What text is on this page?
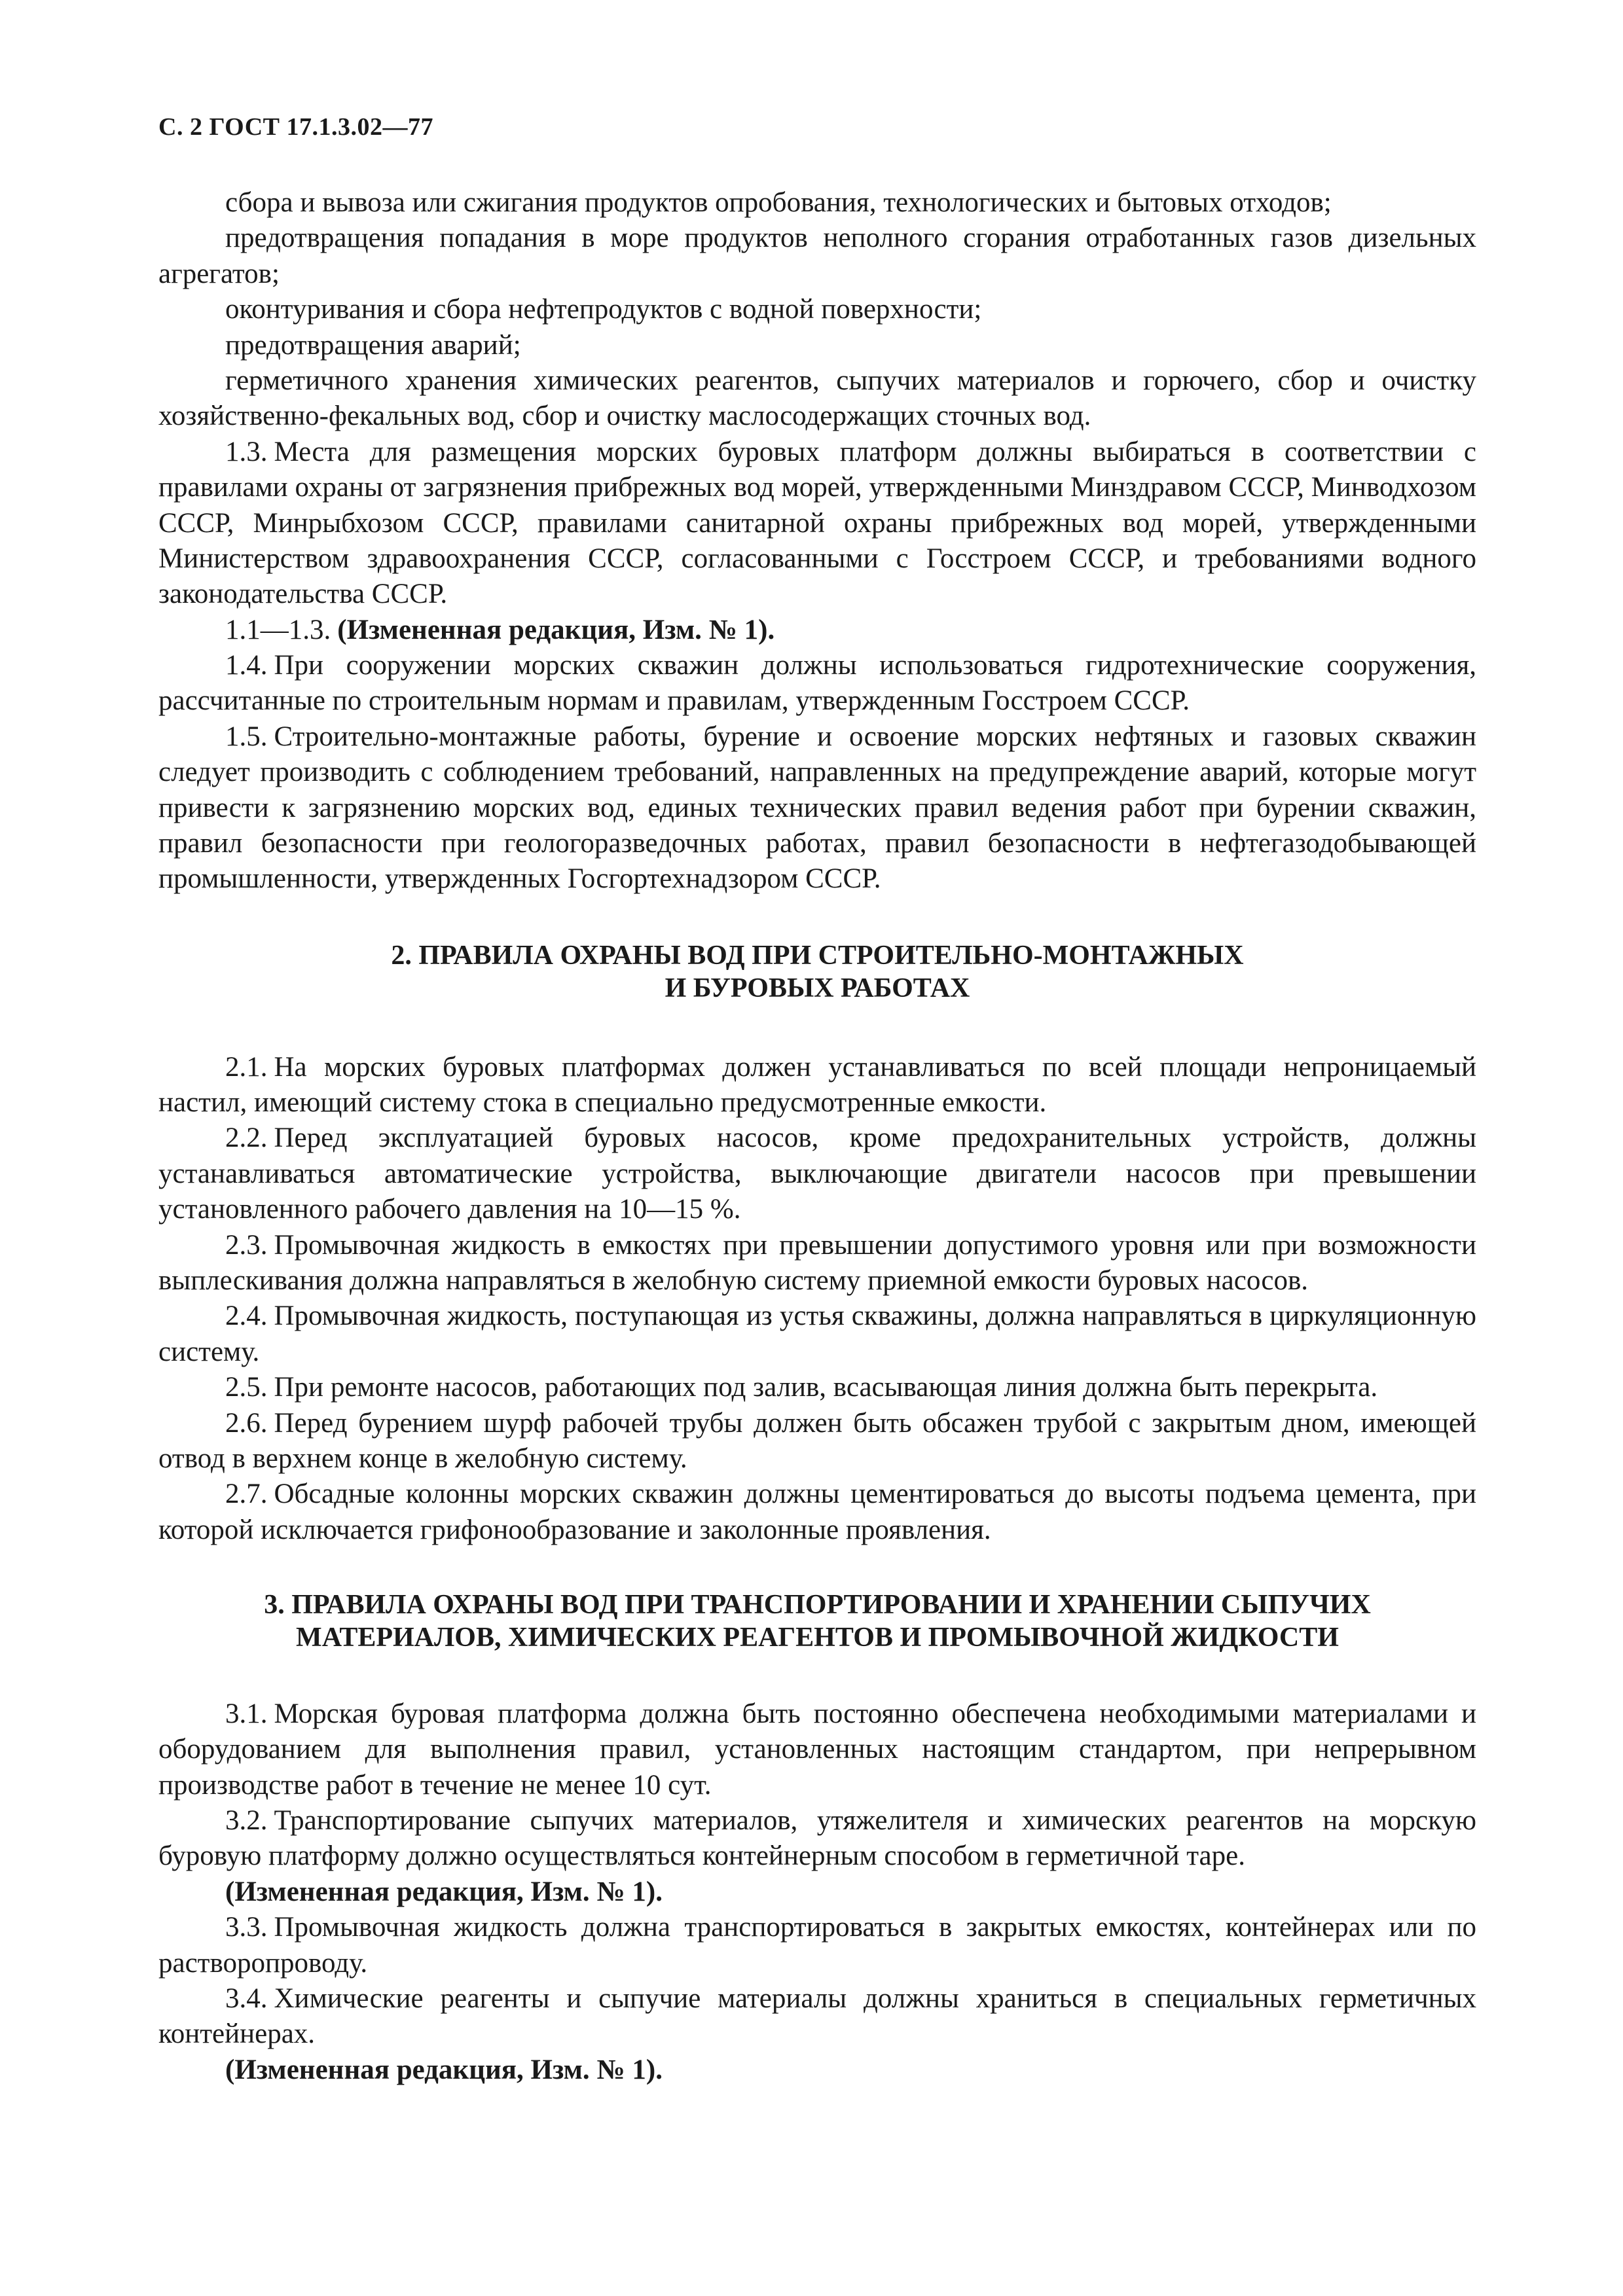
С. 2 ГОСТ 17.1.3.02—77

сбора и вывоза или сжигания продуктов опробования, технологических и бытовых отходов;

предотвращения попадания в море продуктов неполного сгорания отработанных газов дизельных агрегатов;

оконтуривания и сбора нефтепродуктов с водной поверхности;

предотвращения аварий;

герметичного хранения химических реагентов, сыпучих материалов и горючего, сбор и очистку хозяйственно-фекальных вод, сбор и очистку маслосодержащих сточных вод.

1.3. Места для размещения морских буровых платформ должны выбираться в соответствии с правилами охраны от загрязнения прибрежных вод морей, утвержденными Минздравом СССР, Минводхозом СССР, Минрыбхозом СССР, правилами санитарной охраны прибрежных вод морей, утвержденными Министерством здравоохранения СССР, согласованными с Госстроем СССР, и требованиями водного законодательства СССР.

1.1—1.3. (Измененная редакция, Изм. № 1).

1.4. При сооружении морских скважин должны использоваться гидротехнические сооружения, рассчитанные по строительным нормам и правилам, утвержденным Госстроем СССР.

1.5. Строительно-монтажные работы, бурение и освоение морских нефтяных и газовых скважин следует производить с соблюдением требований, направленных на предупреждение аварий, которые могут привести к загрязнению морских вод, единых технических правил ведения работ при бурении скважин, правил безопасности при геологоразведочных работах, правил безопасности в нефтегазодобывающей промышленности, утвержденных Госгортехнадзором СССР.

2. ПРАВИЛА ОХРАНЫ ВОД ПРИ СТРОИТЕЛЬНО-МОНТАЖНЫХ
И БУРОВЫХ РАБОТАХ

2.1. На морских буровых платформах должен устанавливаться по всей площади непроницаемый настил, имеющий систему стока в специально предусмотренные емкости.

2.2. Перед эксплуатацией буровых насосов, кроме предохранительных устройств, должны устанавливаться автоматические устройства, выключающие двигатели насосов при превышении установленного рабочего давления на 10—15 %.

2.3. Промывочная жидкость в емкостях при превышении допустимого уровня или при возможности выплескивания должна направляться в желобную систему приемной емкости буровых насосов.

2.4. Промывочная жидкость, поступающая из устья скважины, должна направляться в циркуляционную систему.

2.5. При ремонте насосов, работающих под залив, всасывающая линия должна быть перекрыта.

2.6. Перед бурением шурф рабочей трубы должен быть обсажен трубой с закрытым дном, имеющей отвод в верхнем конце в желобную систему.

2.7. Обсадные колонны морских скважин должны цементироваться до высоты подъема цемента, при которой исключается грифонообразование и заколонные проявления.

3. ПРАВИЛА ОХРАНЫ ВОД ПРИ ТРАНСПОРТИРОВАНИИ И ХРАНЕНИИ СЫПУЧИХ
МАТЕРИАЛОВ, ХИМИЧЕСКИХ РЕАГЕНТОВ И ПРОМЫВОЧНОЙ ЖИДКОСТИ

3.1. Морская буровая платформа должна быть постоянно обеспечена необходимыми материалами и оборудованием для выполнения правил, установленных настоящим стандартом, при непрерывном производстве работ в течение не менее 10 сут.

3.2. Транспортирование сыпучих материалов, утяжелителя и химических реагентов на морскую буровую платформу должно осуществляться контейнерным способом в герметичной таре.

(Измененная редакция, Изм. № 1).

3.3. Промывочная жидкость должна транспортироваться в закрытых емкостях, контейнерах или по растворопроводу.

3.4. Химические реагенты и сыпучие материалы должны храниться в специальных герметичных контейнерах.

(Измененная редакция, Изм. № 1).
